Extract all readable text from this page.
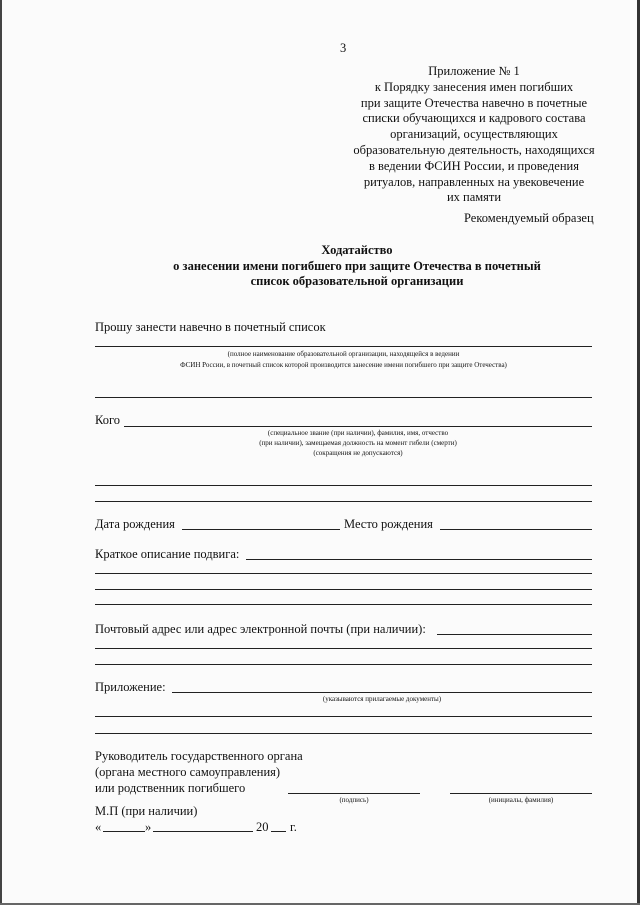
3
Приложение № 1
к Порядку занесения имен погибших
при защите Отечества навечно в почетные
списки обучающихся и кадрового состава
организаций, осуществляющих
образовательную деятельность, находящихся
в ведении ФСИН России, и проведения
ритуалов, направленных на увековечение
их памяти
Рекомендуемый образец
Ходатайство
о занесении имени погибшего при защите Отечества в почетный
список образовательной организации
Прошу занести навечно в почетный список
(полное наименование образовательной организации, находящейся в ведении
ФСИН России, в почетный список которой производится занесение имени погибшего при защите Отечества)
Кого
(специальное звание (при наличии), фамилия, имя, отчество
(при наличии), замещаемая должность на момент гибели (смерти)
(сокращения не допускаются)
Дата рождения	Место рождения
Краткое описание подвига:
Почтовый адрес или адрес электронной почты (при наличии):
Приложение:
(указываются прилагаемые документы)
Руководитель государственного органа
(органа местного самоуправления)
или родственник погибшего
(подпись)	(инициалы, фамилия)
М.П (при наличии)
«	»	20 г.
